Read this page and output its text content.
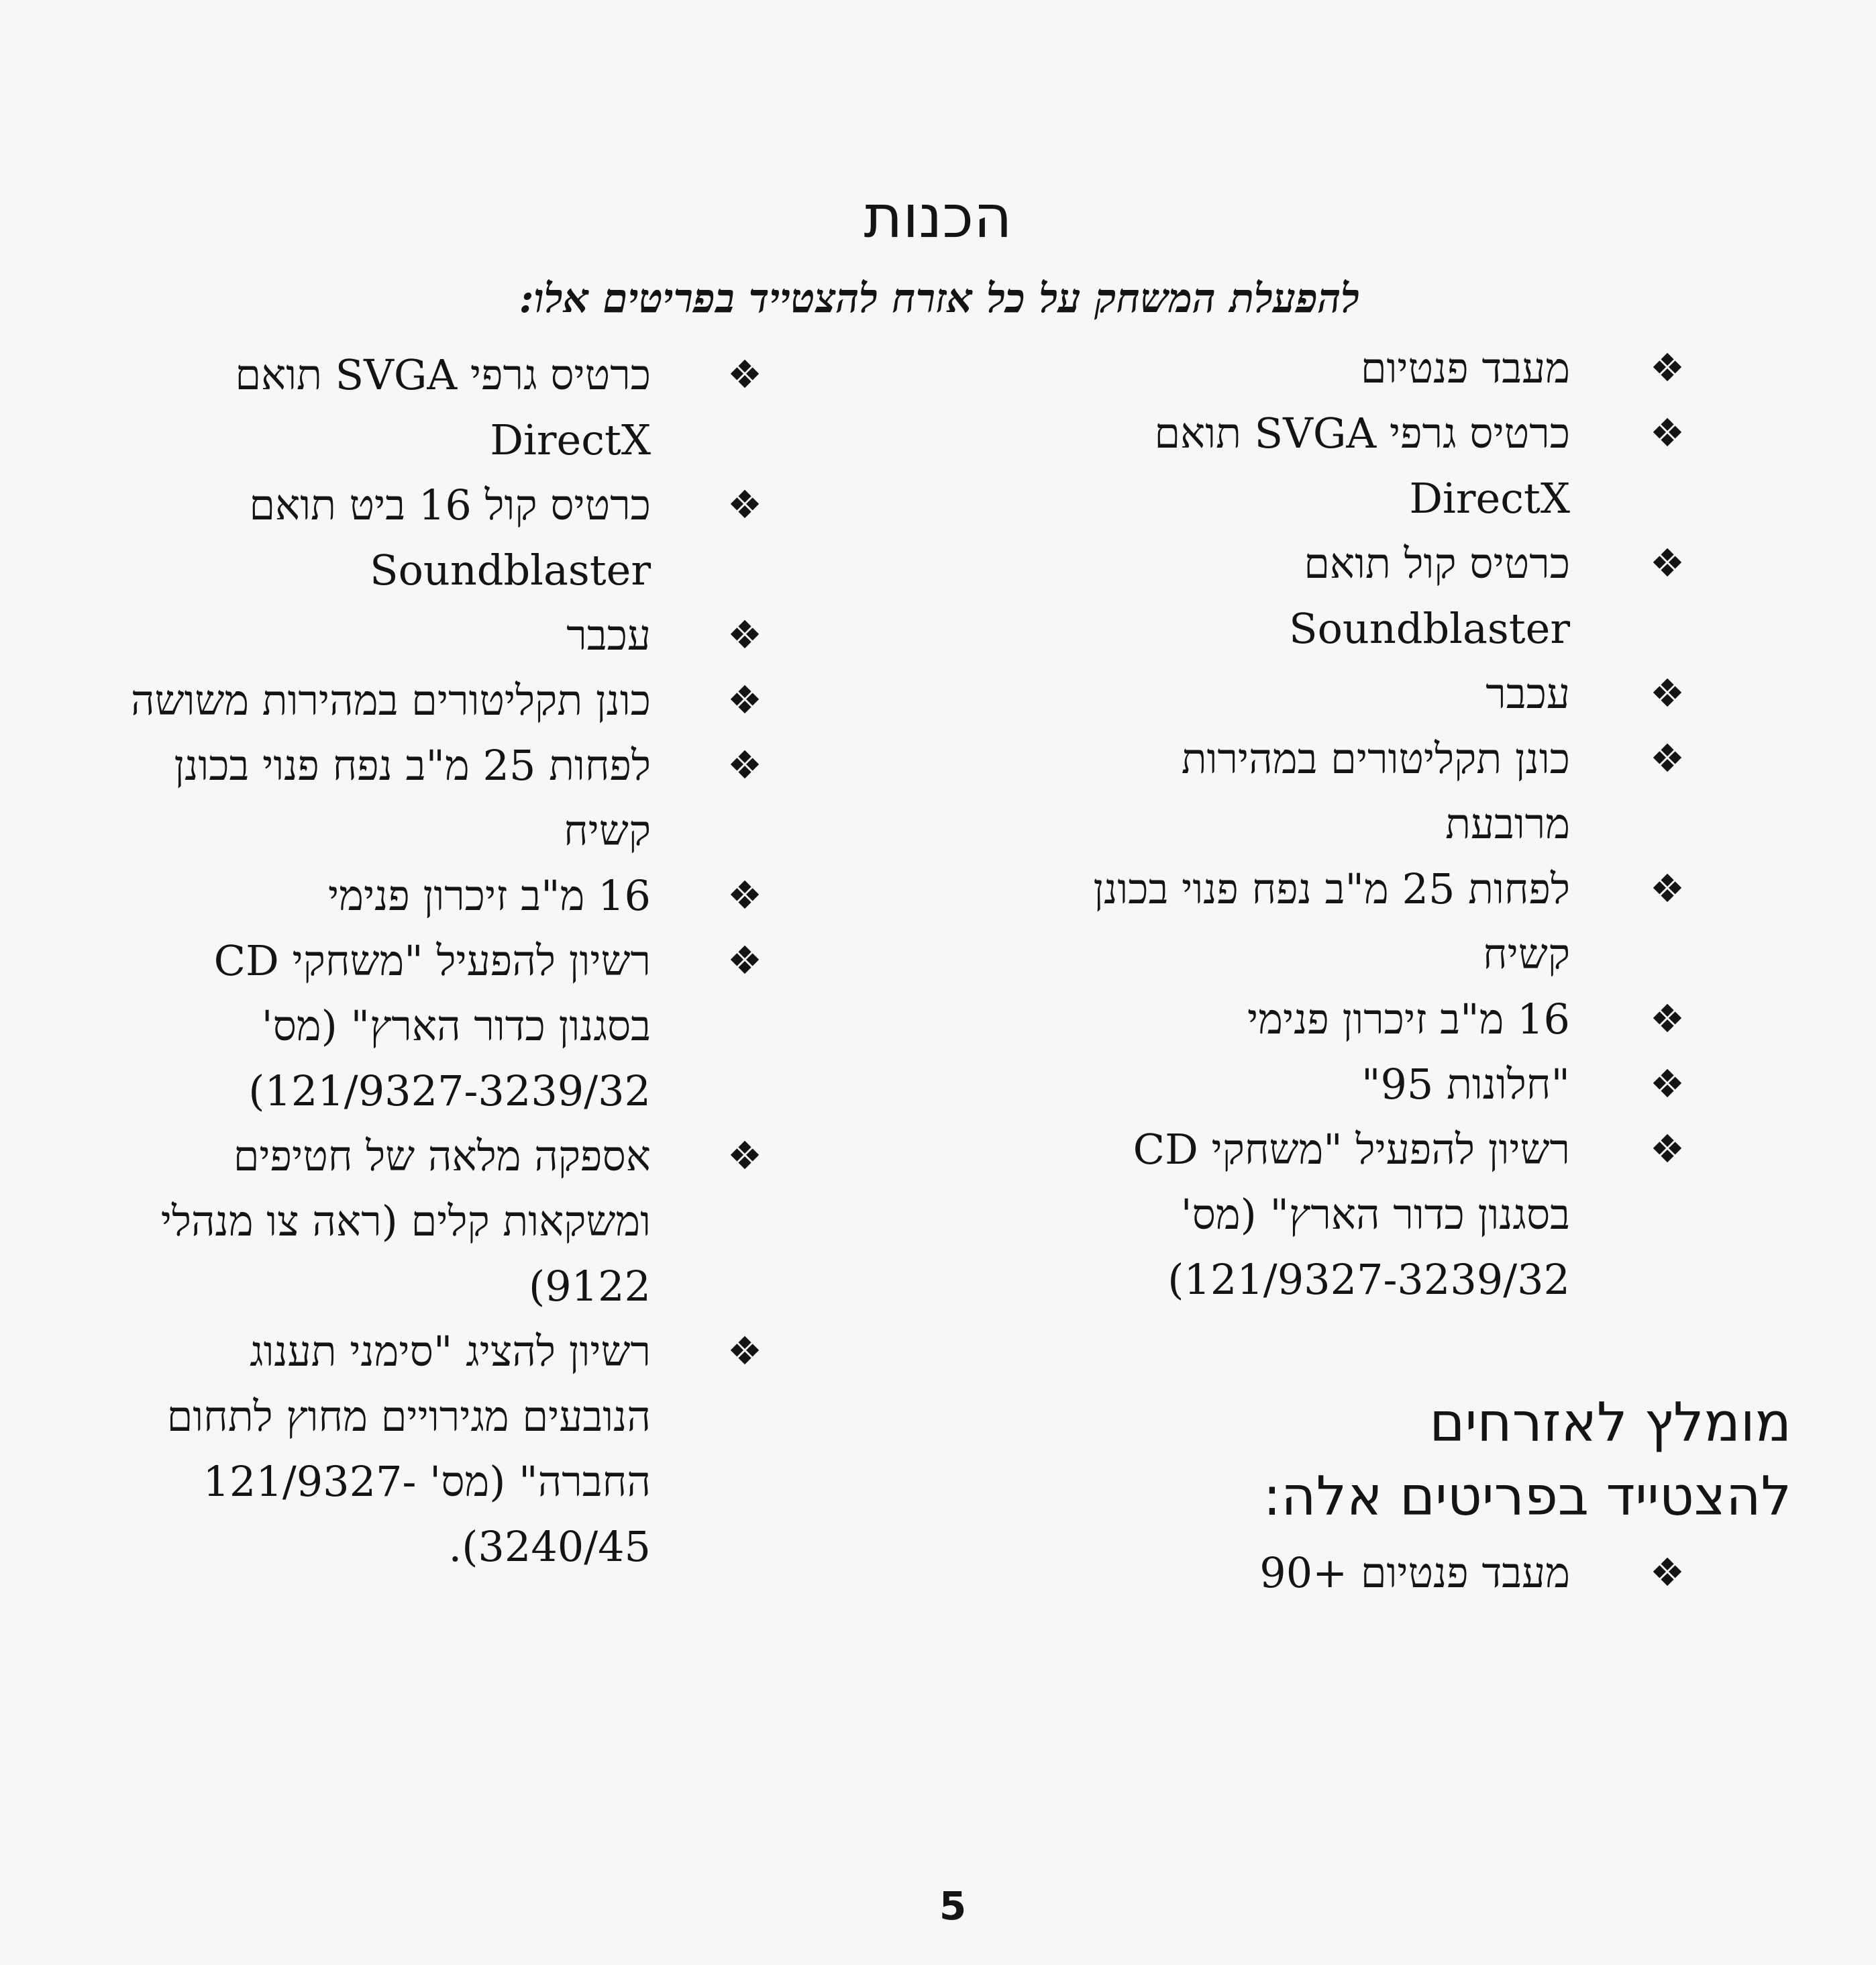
הכנות
להפעלת המשחק על כל אזרח להצטייד בפריטים אלו:
❖
מעבד פנטיום
❖
כרטיס גרפי SVGA תואם DirectX
❖
כרטיס קול תואם Soundblaster
❖
עכבר
❖
כונן תקליטורים במהירות מרובעת
❖
לפחות 25 מ"ב נפח פנוי בכונן קשיח
❖
16 מ"ב זיכרון פנימי
❖
"חלונות 95"
❖
רשיון להפעיל "משחקי CD בסגנון כדור הארץ" (מס' 121/9327-3239/32)
מומלץ לאזרחים להצטייד בפריטים אלה:
❖
מעבד פנטיום +90
❖
כרטיס גרפי SVGA תואם DirectX
❖
כרטיס קול 16 ביט תואם Soundblaster
❖
עכבר
❖
כונן תקליטורים במהירות משושה
❖
לפחות 25 מ"ב נפח פנוי בכונן קשיח
❖
16 מ"ב זיכרון פנימי
❖
רשיון להפעיל "משחקי CD בסגנון כדור הארץ" (מס' 121/9327-3239/32)
❖
אספקה מלאה של חטיפים ומשקאות קלים (ראה צו מנהלי 9122)
❖
רשיון להציג "סימני תענוג הנובעים מגירויים מחוץ לתחום החברה" (מס' 121/9327-3240/45).
5
